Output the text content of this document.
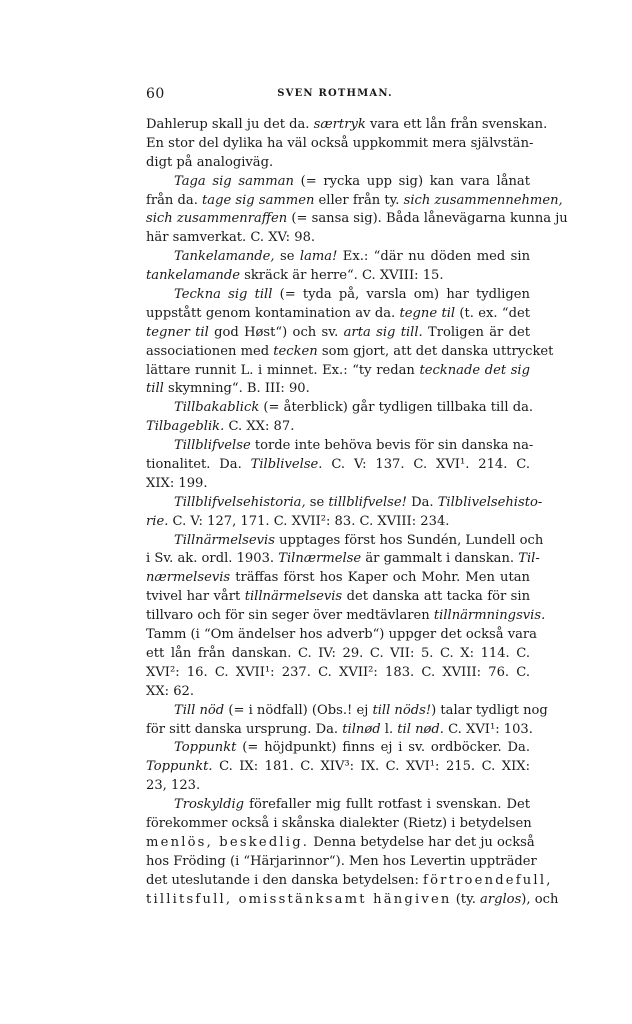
60	SVEN ROTHMAN.
Dahlerup skall ju det da. særtryk vara ett lån från svenskan.
En stor del dylika ha väl också uppkommit mera självstän-
digt på analogiväg.
Taga sig samman (= rycka upp sig) kan vara lånat
från da. tage sig sammen eller från ty. sich zusammennehmen,
sich zusammenraffen (= sansa sig). Båda lånevägarna kunna ju
här samverkat. C. XV: 98.
Tankelamande, se lama! Ex.: “där nu döden med sin
tankelamande skräck är herre“. C. XVIII: 15.
Teckna sig till (= tyda på, varsla om) har tydligen
uppstått genom kontamination av da. tegne til (t. ex. “det
tegner til god Høst“) och sv. arta sig till. Troligen är det
associationen med tecken som gjort, att det danska uttrycket
lättare runnit L. i minnet. Ex.: “ty redan tecknade det sig
till skymning“. B. III: 90.
Tillbakablick (= återblick) går tydligen tillbaka till da.
Tilbageblik. C. XX: 87.
Tillblifvelse torde inte behöva bevis för sin danska na-
tionalitet. Da. Tilblivelse. C. V: 137. C. XVI¹. 214. C.
XIX: 199.
Tillblifvelsehistoria, se tillblifvelse! Da. Tilblivelsehisto-
rie. C. V: 127, 171. C. XVII²: 83. C. XVIII: 234.
Tillnärmelsevis upptages först hos Sundén, Lundell och
i Sv. ak. ordl. 1903. Tilnærmelse är gammalt i danskan. Til-
nærmelsevis träffas först hos Kaper och Mohr. Men utan
tvivel har vårt tillnärmelsevis det danska att tacka för sin
tillvaro och för sin seger över medtävlaren tillnärmningsvis.
Tamm (i “Om ändelser hos adverb“) uppger det också vara
ett lån från danskan. C. IV: 29. C. VII: 5. C. X: 114. C.
XVI²: 16. C. XVII¹: 237. C. XVII²: 183. C. XVIII: 76. C.
XX: 62.
Till nöd (= i nödfall) (Obs.! ej till nöds!) talar tydligt nog
för sitt danska ursprung. Da. tilnød l. til nød. C. XVI¹: 103.
Toppunkt (= höjdpunkt) finns ej i sv. ordböcker. Da.
Toppunkt. C. IX: 181. C. XIV³: IX. C. XVI¹: 215. C. XIX:
23, 123.
Troskyldig förefaller mig fullt rotfast i svenskan. Det
förekommer också i skånska dialekter (Rietz) i betydelsen
menlös, beskedlig. Denna betydelse har det ju också
hos Fröding (i “Härjarinnor“). Men hos Levertin uppträder
det uteslutande i den danska betydelsen: förtroendefull,
tillitsfull, omisstänksamt hängiven (ty. arglos), och
